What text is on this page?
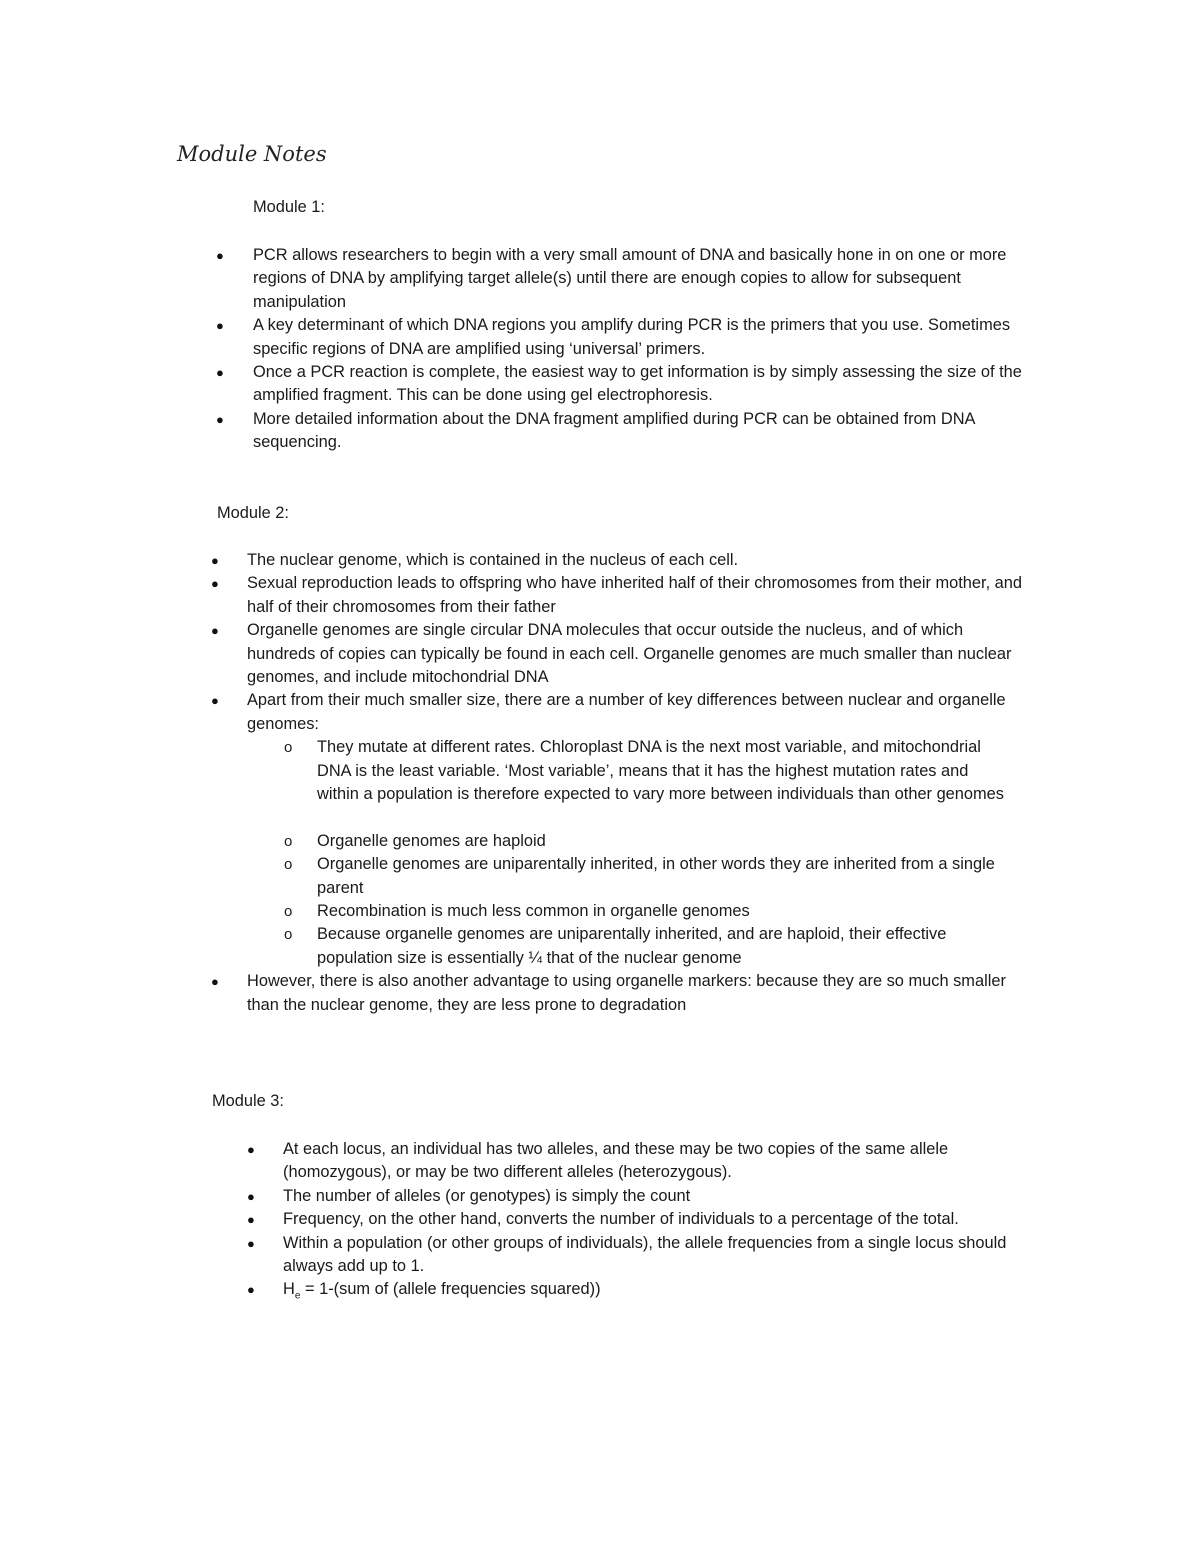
Module Notes
Module 1:
● PCR allows researchers to begin with a very small amount of DNA and basically hone in on one or more regions of DNA by amplifying target allele(s) until there are enough copies to allow for subsequent manipulation
● A key determinant of which DNA regions you amplify during PCR is the primers that you use. Sometimes specific regions of DNA are amplified using ‘universal’ primers.
● Once a PCR reaction is complete, the easiest way to get information is by simply assessing the size of the amplified fragment. This can be done using gel electrophoresis.
● More detailed information about the DNA fragment amplified during PCR can be obtained from DNA sequencing.
Module 2:
● The nuclear genome, which is contained in the nucleus of each cell.
● Sexual reproduction leads to offspring who have inherited half of their chromosomes from their mother, and half of their chromosomes from their father
● Organelle genomes are single circular DNA molecules that occur outside the nucleus, and of which hundreds of copies can typically be found in each cell. Organelle genomes are much smaller than nuclear genomes, and include mitochondrial DNA
● Apart from their much smaller size, there are a number of key differences between nuclear and organelle genomes:
o They mutate at different rates. Chloroplast DNA is the next most variable, and mitochondrial DNA is the least variable. ‘Most variable’, means that it has the highest mutation rates and within a population is therefore expected to vary more between individuals than other genomes
o Organelle genomes are haploid
o Organelle genomes are uniparentally inherited, in other words they are inherited from a single parent
o Recombination is much less common in organelle genomes
o Because organelle genomes are uniparentally inherited, and are haploid, their effective population size is essentially ¼ that of the nuclear genome
● However, there is also another advantage to using organelle markers: because they are so much smaller than the nuclear genome, they are less prone to degradation
Module 3:
● At each locus, an individual has two alleles, and these may be two copies of the same allele (homozygous), or may be two different alleles (heterozygous).
● The number of alleles (or genotypes) is simply the count
● Frequency, on the other hand, converts the number of individuals to a percentage of the total.
● Within a population (or other groups of individuals), the allele frequencies from a single locus should always add up to 1.
● $H_e = 1-(sum$ of (allele frequencies squared))
